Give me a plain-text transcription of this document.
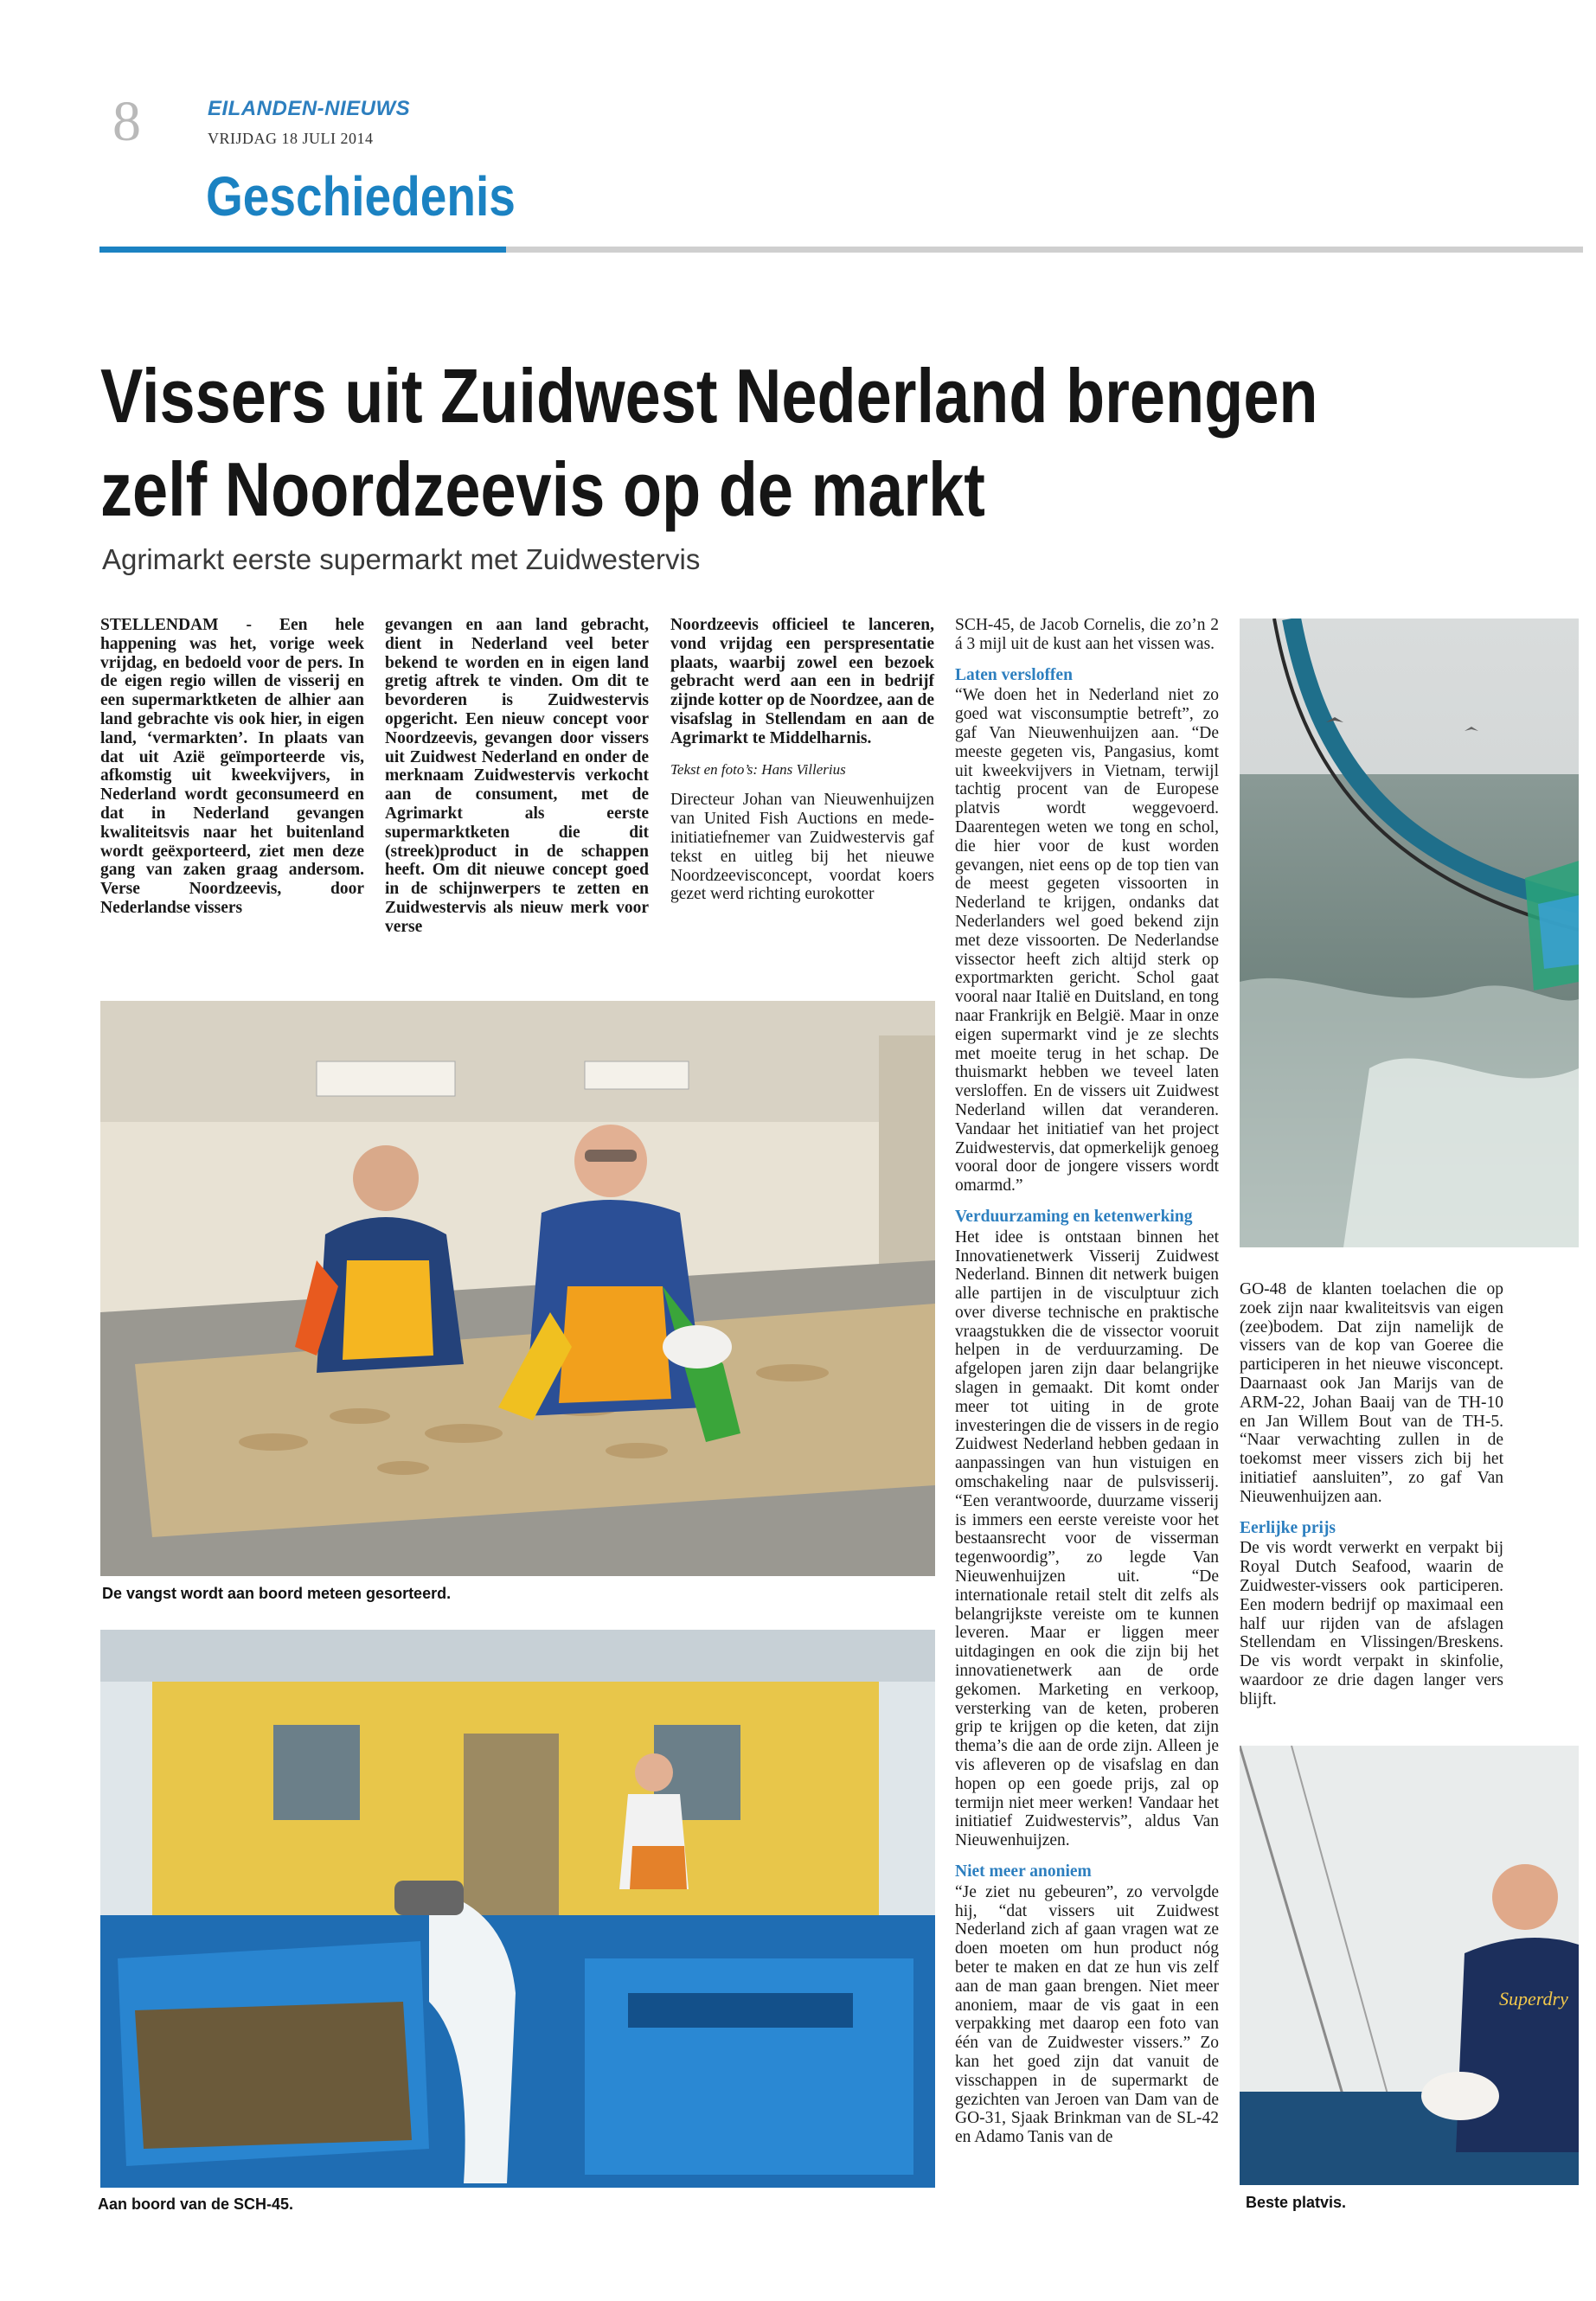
8	EILANDEN-NIEUWS
VRIJDAG 18 JULI 2014
Geschiedenis
Vissers uit Zuidwest Nederland brengen
zelf Noordzeevis op de markt
Agrimarkt eerste supermarkt met Zuidwestervis

STELLENDAM - Een hele happening was het, vorige week vrijdag, en bedoeld voor de pers. In de eigen regio willen de visserij en een supermarktketen de alhier aan land gebrachte vis ook hier, in eigen land, ‘vermarkten’. In plaats van dat uit Azië geïmporteerde vis, afkomstig uit kweekvijvers, in Nederland wordt geconsumeerd en dat in Nederland gevangen kwaliteitsvis naar het buitenland wordt geëxporteerd, ziet men deze gang van zaken graag andersom. Verse Noordzeevis, door Nederlandse vissers

gevangen en aan land gebracht, dient in Nederland veel beter bekend te worden en in eigen land gretig aftrek te vinden. Om dit te bevorderen is Zuidwestervis opgericht. Een nieuw concept voor Noordzeevis, gevangen door vissers uit Zuidwest Nederland en onder de merknaam Zuidwestervis verkocht aan de consument, met de Agrimarkt als eerste supermarktketen die dit (streek)product in de schappen heeft. Om dit nieuwe concept goed in de schijnwerpers te zetten en Zuidwestervis als nieuw merk voor verse

Noordzeevis officieel te lanceren, vond vrijdag een perspresentatie plaats, waarbij zowel een bezoek gebracht werd aan een in bedrijf zijnde kotter op de Noordzee, aan de visafslag in Stellendam en aan de Agrimarkt te Middelharnis.

Tekst en foto’s: Hans Villerius

Directeur Johan van Nieuwenhuijzen van United Fish Auctions en mede-initiatiefnemer van Zuidwestervis gaf tekst en uitleg bij het nieuwe Noordzeevisconcept, voordat koers gezet werd richting eurokotter

SCH-45, de Jacob Cornelis, die zo’n 2 á 3 mijl uit de kust aan het vissen was.

Laten versloffen

“We doen het in Nederland niet zo goed wat visconsumptie betreft”, zo gaf Van Nieuwenhuijzen aan. “De meeste gegeten vis, Pangasius, komt uit kweekvijvers in Vietnam, terwijl tachtig procent van de Europese platvis wordt weggevoerd. Daarentegen weten we tong en schol, die hier voor de kust worden gevangen, niet eens op de top tien van de meest gegeten vissoorten in Nederland te krijgen, ondanks dat Nederlanders wel goed bekend zijn met deze vissoorten. De Nederlandse vissector heeft zich altijd sterk op exportmarkten gericht. Schol gaat vooral naar Italië en Duitsland, en tong naar Frankrijk en België. Maar in onze eigen supermarkt vind je ze slechts met moeite terug in het schap. De thuismarkt hebben we teveel laten versloffen. En de vissers uit Zuidwest Nederland willen dat veranderen. Vandaar het initiatief van het project Zuidwestervis, dat opmerkelijk genoeg vooral door de jongere vissers wordt omarmd.”

Verduurzaming en ketenwerking

Het idee is ontstaan binnen het Innovatienetwerk Visserij Zuidwest Nederland. Binnen dit netwerk buigen alle partijen in de visculptuur zich over diverse technische en praktische vraagstukken die de vissector vooruit helpen in de verduurzaming. De afgelopen jaren zijn daar belangrijke slagen in gemaakt. Dit komt onder meer tot uiting in de grote investeringen die de vissers in de regio Zuidwest Nederland hebben gedaan in aanpassingen van hun vistuigen en omschakeling naar de pulsvisserij. “Een verantwoorde, duurzame visserij is immers een eerste vereiste voor het bestaansrecht voor de visserman tegenwoordig”, zo legde Van Nieuwenhuijzen uit. “De internationale retail stelt dit zelfs als belangrijkste vereiste om te kunnen leveren. Maar er liggen meer uitdagingen en ook die zijn bij het innovatienetwerk aan de orde gekomen. Marketing en verkoop, versterking van de keten, proberen grip te krijgen op die keten, dat zijn thema’s die aan de orde zijn. Alleen je vis afleveren op de visafslag en dan hopen op een goede prijs, zal op termijn niet meer werken! Vandaar het initiatief Zuidwestervis”, aldus Van Nieuwenhuijzen.

Niet meer anoniem

“Je ziet nu gebeuren”, zo vervolgde hij, “dat vissers uit Zuidwest Nederland zich af gaan vragen wat ze doen moeten om hun product nóg beter te maken en dat ze hun vis zelf aan de man gaan brengen. Niet meer anoniem, maar de vis gaat in een verpakking met daarop een foto van één van de Zuidwester vissers.” Zo kan het goed zijn dat vanuit de visschappen in de supermarkt de gezichten van Jeroen van Dam van de GO-31, Sjaak Brinkman van de SL-42 en Adamo Tanis van de

GO-48 de klanten toelachen die op zoek zijn naar kwaliteitsvis van eigen (zee)bodem. Dat zijn namelijk de vissers van de kop van Goeree die participeren in het nieuwe visconcept. Daarnaast ook Jan Marijs van de ARM-22, Johan Baaij van de TH-10 en Jan Willem Bout van de TH-5. “Naar verwachting zullen in de toekomst meer vissers zich bij het initiatief aansluiten”, zo gaf Van Nieuwenhuijzen aan.

Eerlijke prijs

De vis wordt verwerkt en verpakt bij Royal Dutch Seafood, waarin de Zuidwester-vissers ook participeren. Een modern bedrijf op maximaal een half uur rijden van de afslagen Stellendam en Vlissingen/Breskens. De vis wordt verpakt in skinfolie, waardoor ze drie dagen langer vers blijft.

De vangst wordt aan boord meteen gesorteerd.
Aan boord van de SCH-45.
Superdry
Beste platvis.
